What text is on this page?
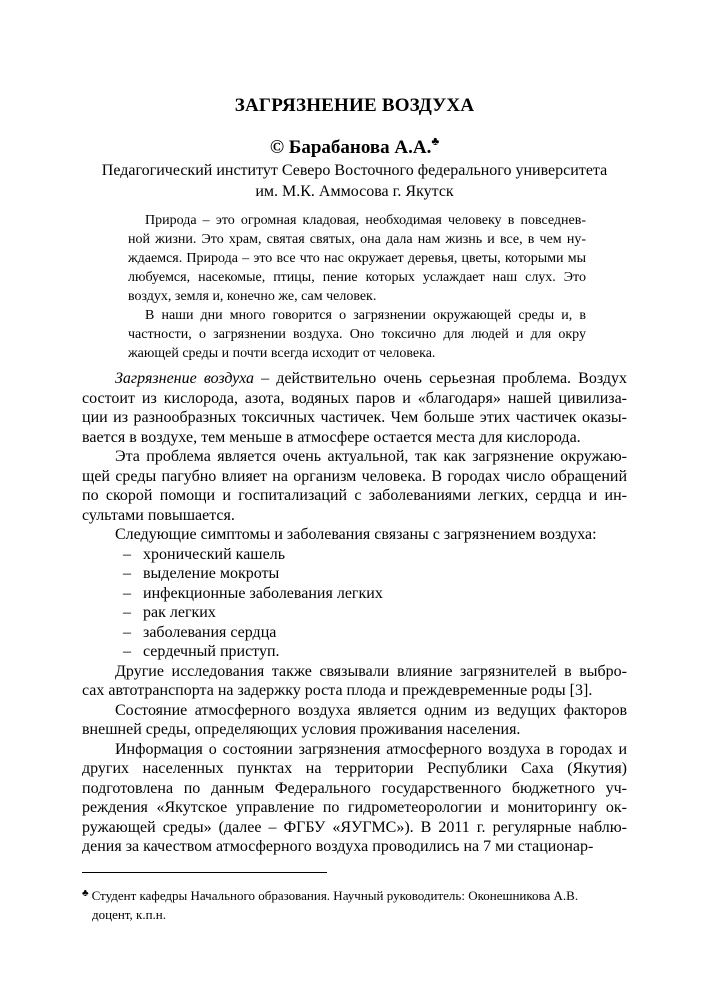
ЗАГРЯЗНЕНИЕ ВОЗДУХА
© Барабанова А.А.♣
Педагогический институт Северо Восточного федерального университета
им. М.К. Аммосова г. Якутск

Природа – это огромная кладовая, необходимая человеку в повседнев- ной жизни. Это храм, святая святых, она дала нам жизнь и все, в чем ну- ждаемся. Природа – это все что нас окружает деревья, цветы, которыми мы любуемся, насекомые, птицы, пение которых услаждает наш слух. Это воздух, земля и, конечно же, сам человек.

В наши дни много говорится о загрязнении окружающей среды и, в частности, о загрязнении воздуха. Оно токсично для людей и для окру жающей среды и почти всегда исходит от человека.

Загрязнение воздуха – действительно очень серьезная проблема. Воздух состоит из кислорода, азота, водяных паров и «благодаря» нашей цивилиза- ции из разнообразных токсичных частичек. Чем больше этих частичек оказы- вается в воздухе, тем меньше в атмосфере остается места для кислорода.

Эта проблема является очень актуальной, так как загрязнение окружаю- щей среды пагубно влияет на организм человека. В городах число обращений по скорой помощи и госпитализаций с заболеваниями легких, сердца и ин- сультами повышается.

Следующие симптомы и заболевания связаны с загрязнением воздуха:

– хронический кашель
– выделение мокроты
– инфекционные заболевания легких
– рак легких
– заболевания сердца
– сердечный приступ.

Другие исследования также связывали влияние загрязнителей в выбро- сах автотранспорта на задержку роста плода и преждевременные роды [3].

Состояние атмосферного воздуха является одним из ведущих факторов внешней среды, определяющих условия проживания населения.

Информация о состоянии загрязнения атмосферного воздуха в городах и других населенных пунктах на территории Республики Саха (Якутия) подготовлена по данным Федерального государственного бюджетного уч- реждения «Якутское управление по гидрометеорологии и мониторингу ок- ружающей среды» (далее – ФГБУ «ЯУГМС»). В 2011 г. регулярные наблю- дения за качеством атмосферного воздуха проводились на 7 ми стационар-

♣ Студент кафедры Начального образования. Научный руководитель: Оконешникова А.В.
доцент, к.п.н.
